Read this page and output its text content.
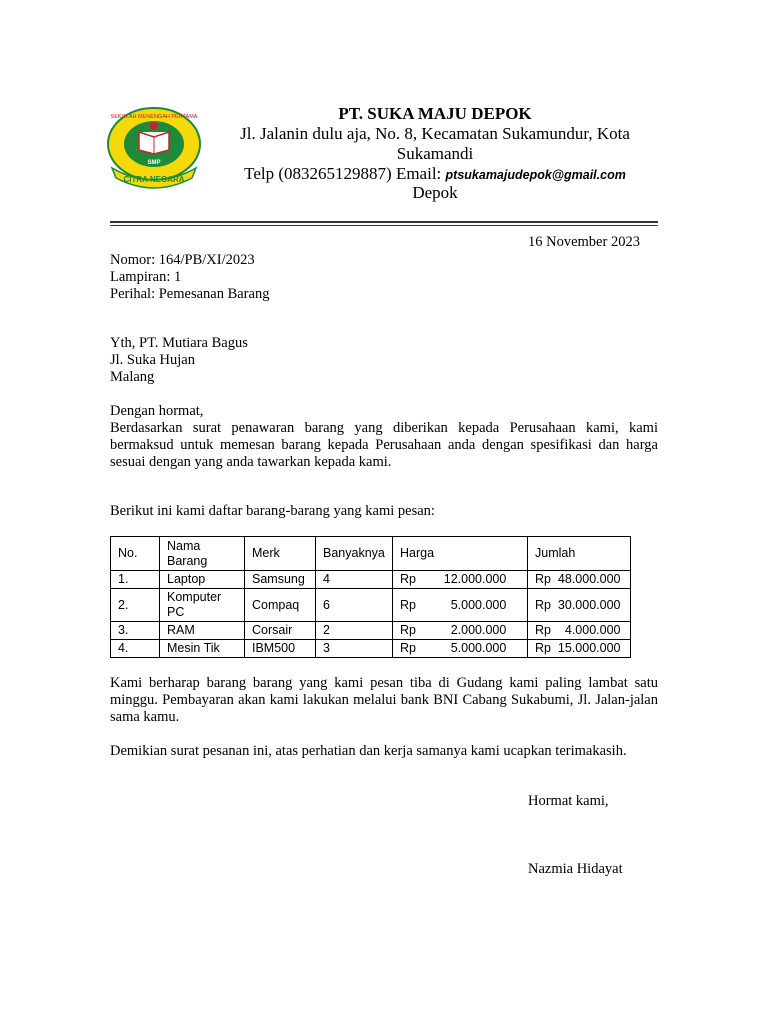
CITRA NEGARA
SMP
SEKOLAH MENENGAH PERTAMA	PT. SUKA MAJU DEPOK
Jl. Jalanin dulu aja, No. 8, Kecamatan Sukamundur, Kota Sukamandi
Telp (083265129887) Email: ptsukamajudepok@gmail.com
Depok
16 November 2023
Nomor: 164/PB/XI/2023
Lampiran: 1
Perihal: Pemesanan Barang
Yth, PT. Mutiara Bagus
Jl. Suka Hujan
Malang
Dengan hormat,
Berdasarkan surat penawaran barang yang diberikan kepada Perusahaan kami, kami bermaksud untuk memesan barang kepada Perusahaan anda dengan spesifikasi dan harga sesuai dengan yang anda tawarkan kepada kami.
Berikut ini kami daftar barang-barang yang kami pesan:
No.	Nama Barang	Merk	Banyaknya	Harga	Jumlah
1.	Laptop	Samsung	4	Rp        12.000.000	Rp  48.000.000
2.	Komputer PC	Compaq	6	Rp          5.000.000	Rp  30.000.000
3.	RAM	Corsair	2	Rp          2.000.000	Rp    4.000.000
4.	Mesin Tik	IBM500	3	Rp          5.000.000	Rp  15.000.000
Kami berharap barang barang yang kami pesan tiba di Gudang kami paling lambat satu minggu. Pembayaran akan kami lakukan melalui bank BNI Cabang Sukabumi, Jl. Jalan-jalan sama kamu.
Demikian surat pesanan ini, atas perhatian dan kerja samanya kami ucapkan terimakasih.
Hormat kami,
Nazmia Hidayat
